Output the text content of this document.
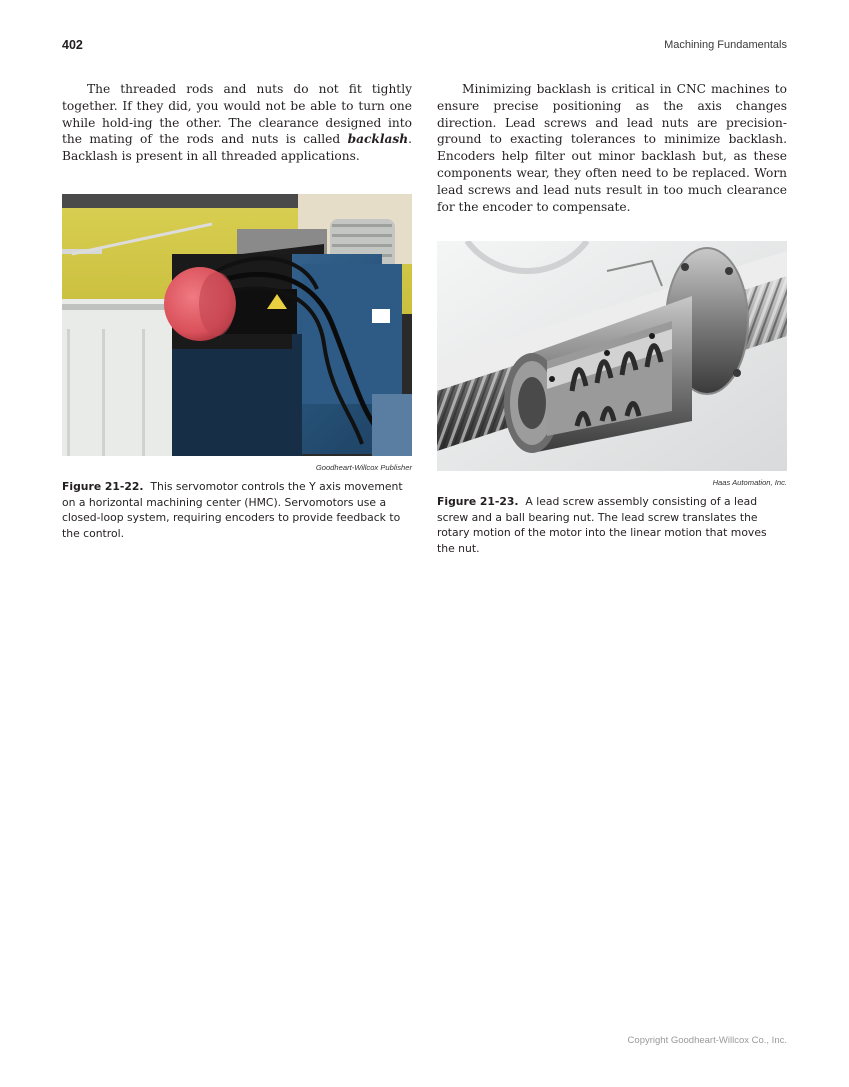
402	Machining Fundamentals

The threaded rods and nuts do not fit tightly together. If they did, you would not be able to turn one while hold-ing the other. The clearance designed into the mating of the rods and nuts is called backlash. Backlash is present in all threaded applications.

Minimizing backlash is critical in CNC machines to ensure precise positioning as the axis changes direction. Lead screws and lead nuts are precision-ground to exacting tolerances to minimize backlash. Encoders help filter out minor backlash but, as these components wear, they often need to be replaced. Worn lead screws and lead nuts result in too much clearance for the encoder to compensate.

Goodheart-Willcox Publisher

Figure 21-22. This servomotor controls the Y axis movement on a horizontal machining center (HMC). Servomotors use a closed-loop system, requiring encoders to provide feedback to the control.

Haas Automation, Inc.

Figure 21-23. A lead screw assembly consisting of a lead screw and a ball bearing nut. The lead screw translates the rotary motion of the motor into the linear motion that moves the nut.

Copyright Goodheart-Willcox Co., Inc.
